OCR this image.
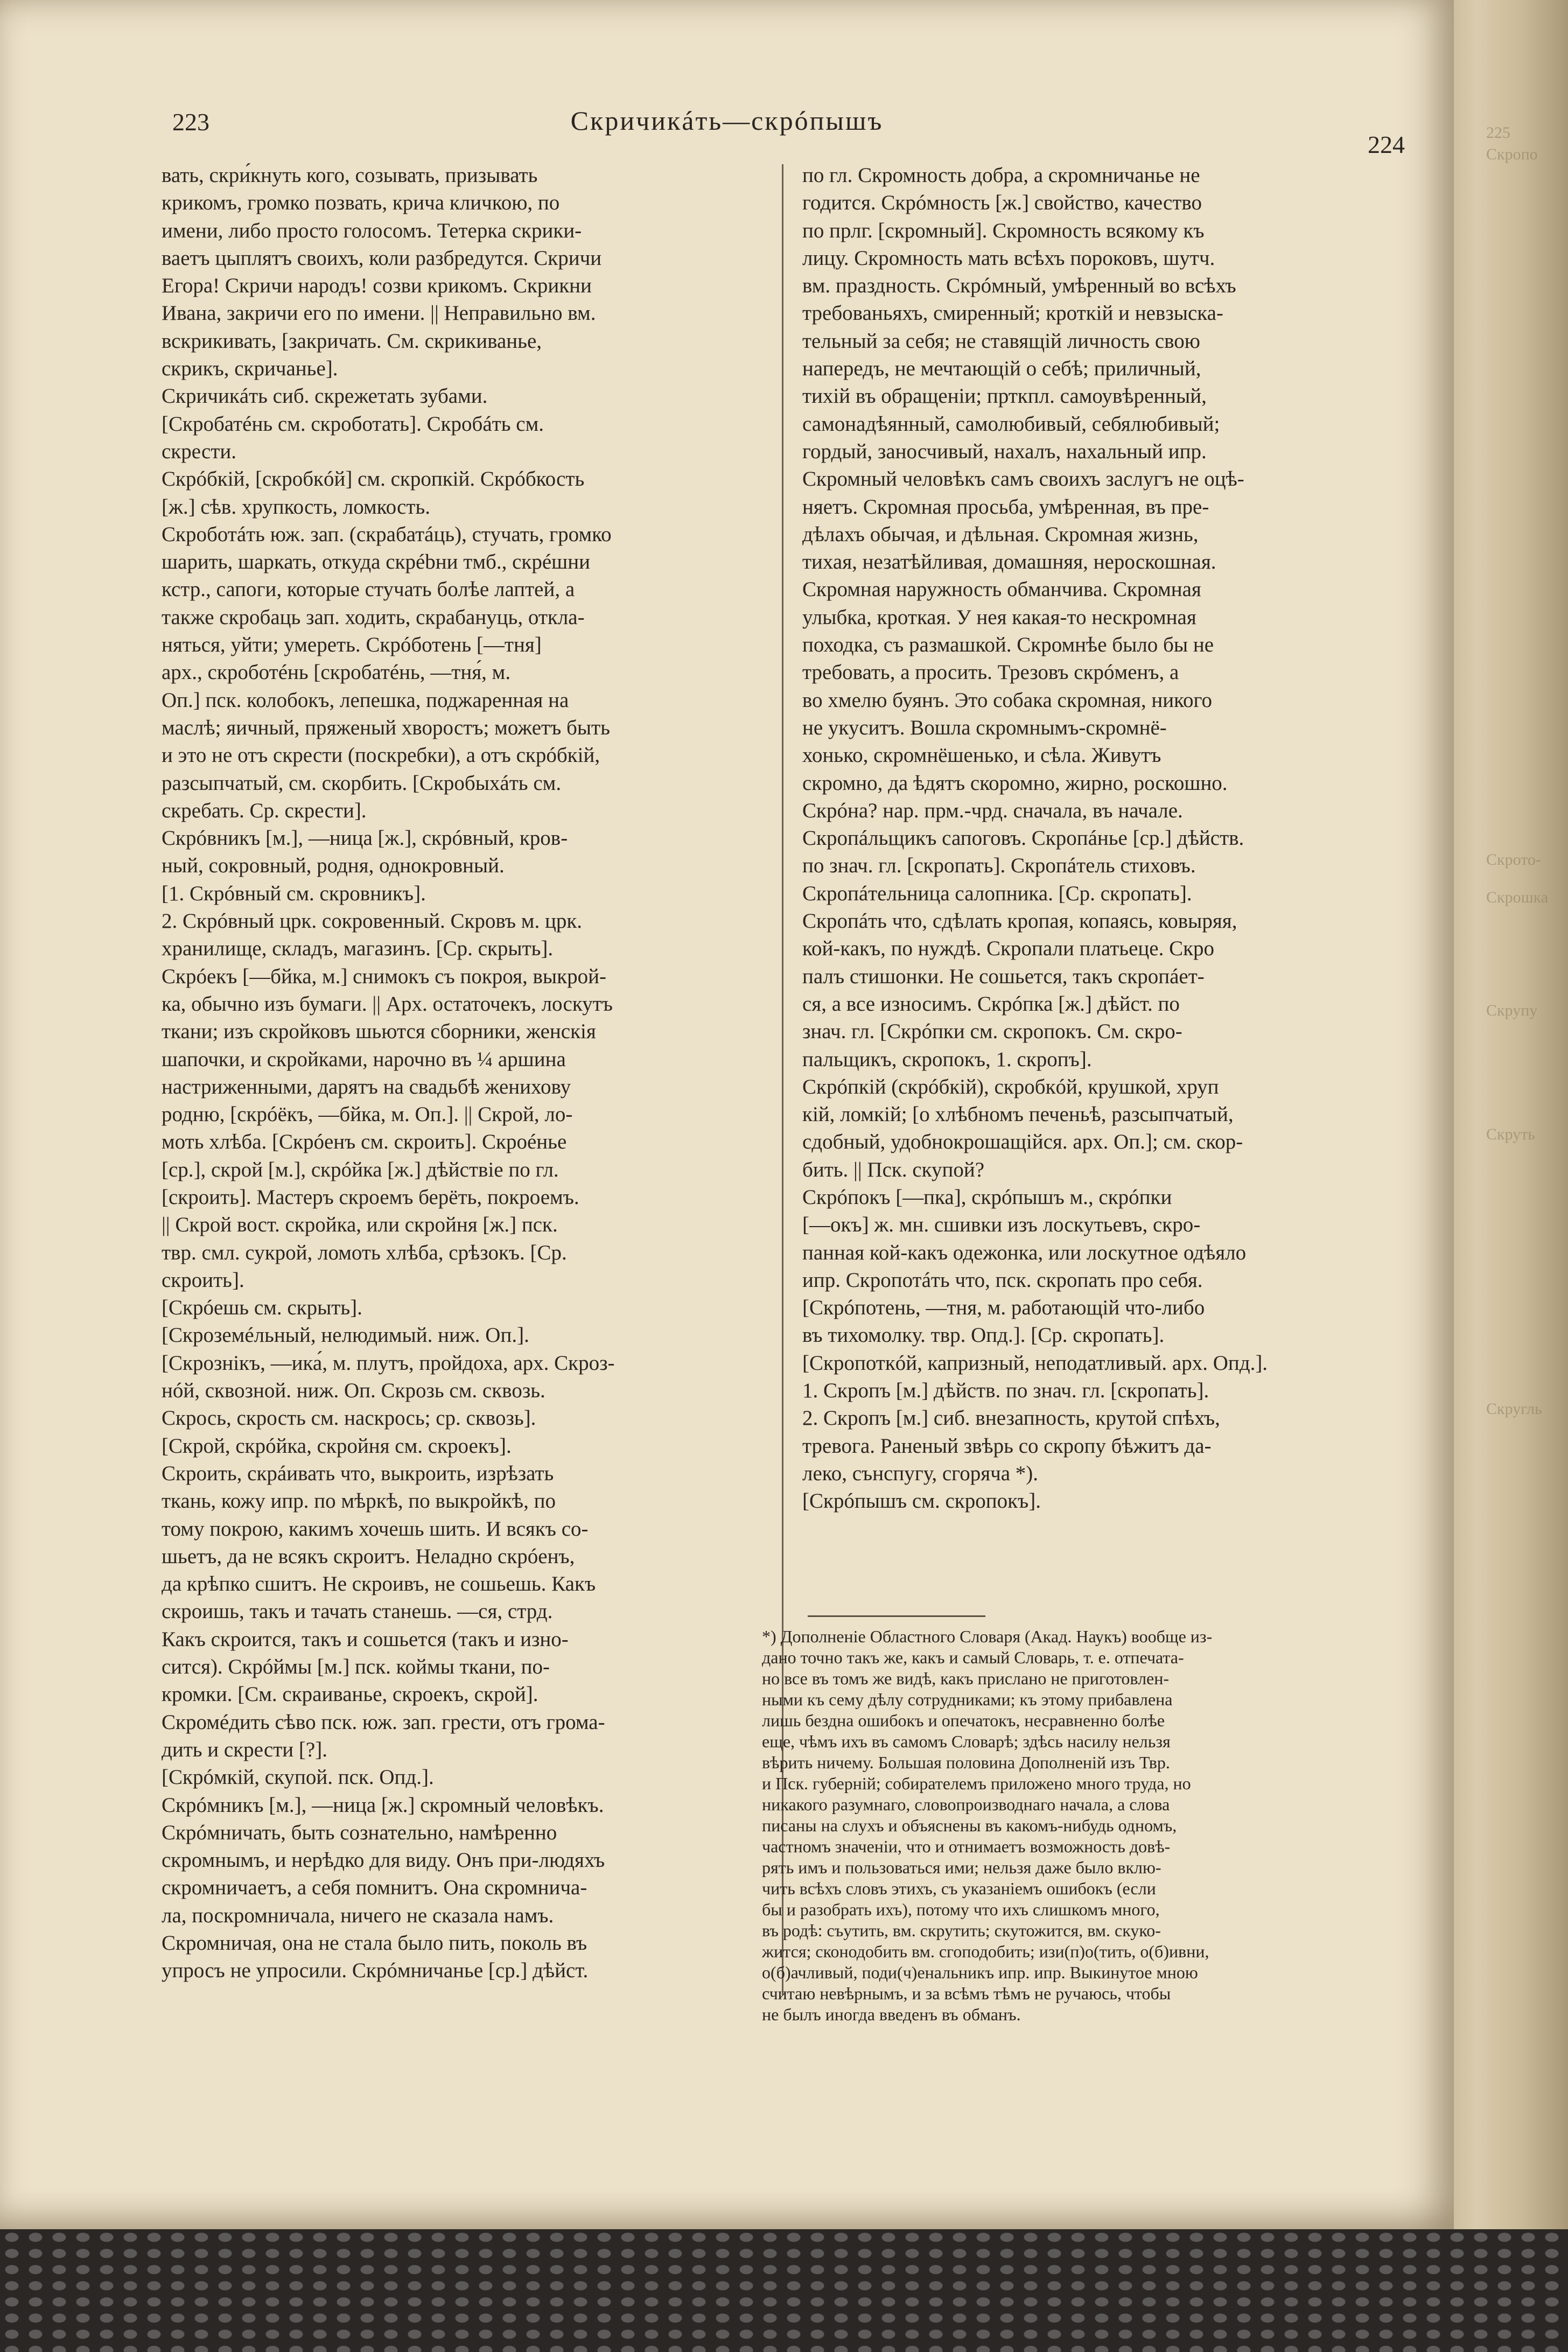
223	Скричикáть—скрóпышъ
224
вать, скри́кнуть кого, созывать, призывать
крикомъ, громко позвать, крича кличкою, по
имени, либо просто голосомъ. Тетерка скрики-
ваетъ цыплятъ своихъ, коли разбредутся. Скричи
Егора! Скричи народъ! созви крикомъ. Скрикни
Ивана, закричи его по имени. || Неправильно вм.
вскрикивать, [закричать. См. скрикиванье,
скрикъ, скричанье].
Скричикáть сиб. скрежетать зубами.
[Скробатéнь см. скроботать]. Скробáть см.
скрести.
Скрóбкій, [скробкóй] см. скропкій. Скрóбкость
[ж.] сѣв. хрупкость, ломкость.
Скроботáть юж. зап. (скрабатáць), стучать, громко
шарить, шаркать, откуда скрébни тмб., скрéшни
кстр., сапоги, которые стучать болѣе лаптей, а
также скробаць зап. ходить, скрабануць, откла-
няться, уйти; умереть. Скрóботень [—тня]
арх., скроботéнь [скробатéнь, —тня́, м.
Оп.] пск. колобокъ, лепешка, поджаренная на
маслѣ; яичный, пряженый хворостъ; можетъ быть
и это не отъ скрести (поскребки), а отъ скрóбкій,
разсыпчатый, см. скорбить. [Скробыхáть см.
скребать. Ср. скрести].
Скрóвникъ [м.], —ница [ж.], скрóвный, кров-
ный, сокровный, родня, однокровный.
[1. Скрóвный см. скровникъ].
2. Скрóвный црк. сокровенный. Скровъ м. црк.
хранилище, складъ, магазинъ. [Ср. скрыть].
Скрóекъ [—бйка, м.] снимокъ съ покроя, выкрой-
ка, обычно изъ бумаги. || Арх. остаточекъ, лоскутъ
ткани; изъ скройковъ шьются сборники, женскія
шапочки, и скройками, нарочно въ ¼ аршина
настриженными, дарятъ на свадьбѣ женихову
родню, [скрóёкъ, —бйка, м. Оп.]. || Скрой, ло-
моть хлѣба. [Скрóенъ см. скроить]. Скроéнье
[ср.], скрой [м.], скрóйка [ж.] дѣйствіе по гл.
[скроить]. Мастеръ скроемъ берёть, покроемъ.
|| Скрой вост. скройка, или скройня [ж.] пск.
твр. смл. сукрой, ломоть хлѣба, срѣзокъ. [Ср.
скроить].
[Скрóешь см. скрыть].
[Скроземéльный, нелюдимый. ниж. Оп.].
[Скрознікъ, —ика́, м. плутъ, пройдоха, арх. Скроз-
нóй, сквозной. ниж. Оп. Скрозь см. сквозь.
Скрось, скрость см. наскрось; ср. сквозь].
[Скрой, скрóйка, скройня см. скроекъ].
Скроить, скрáивать что, выкроить, изрѣзать
ткань, кожу ипр. по мѣркѣ, по выкройкѣ, по
тому покрою, какимъ хочешь шить. И всякъ со-
шьетъ, да не всякъ скроитъ. Неладно скрóенъ,
да крѣпко сшитъ. Не скроивъ, не сошьешь. Какъ
скроишь, такъ и тачать станешь. —ся, стрд.
Какъ скроится, такъ и сошьется (такъ и изно-
сится). Скрóймы [м.] пск. коймы ткани, по-
кромки. [См. скраиванье, скроекъ, скрой].
Скромéдить сѣво пск. юж. зап. грести, отъ грома-
дить и скрести [?].
[Скрóмкій, скупой. пск. Опд.].
Скрóмникъ [м.], —ница [ж.] скромный человѣкъ.
Скрóмничать, быть сознательно, намѣренно
скромнымъ, и нерѣдко для виду. Онъ при-людяхъ
скромничаетъ, а себя помнитъ. Она скромнича-
ла, поскромничала, ничего не сказала намъ.
Скромничая, она не стала было пить, поколь въ
упросъ не упросили. Скрóмничанье [ср.] дѣйст.
по гл. Скромность добра, а скромничанье не
годится. Скрóмность [ж.] свойство, качество
по прлг. [скромный]. Скромность всякому къ
лицу. Скромность мать всѣхъ пороковъ, шутч.
вм. праздность. Скрóмный, умѣренный во всѣхъ
требованьяхъ, смиренный; кроткій и невзыска-
тельный за себя; не ставящій личность свою
напередъ, не мечтающій о себѣ; приличный,
тихій въ обращеніи; прткпл. самоувѣренный,
самонадѣянный, самолюбивый, себялюбивый;
гордый, заносчивый, нахалъ, нахальный ипр.
Скромный человѣкъ самъ своихъ заслугъ не оцѣ-
няетъ. Скромная просьба, умѣренная, въ пре-
дѣлахъ обычая, и дѣльная. Скромная жизнь,
тихая, незатѣйливая, домашняя, нероскошная.
Скромная наружность обманчива. Скромная
улыбка, кроткая. У нея какая-то нескромная
походка, съ размашкой. Скромнѣе было бы не
требовать, а просить. Трезовъ скрóменъ, а
во хмелю буянъ. Это собака скромная, никого
не укуситъ. Вошла скромнымъ-скромнё-
хонько, скромнёшенько, и сѣла. Живутъ
скромно, да ѣдятъ скоромно, жирно, роскошно.
Скрóна? нар. прм.-чрд. сначала, въ начале.
Скропáльщикъ сапоговъ. Скропáнье [ср.] дѣйств.
по знач. гл. [скропать]. Скропáтель стиховъ.
Скропáтельница салопника. [Ср. скропать].
Скропáть что, сдѣлать кропая, копаясь, ковыряя,
кой-какъ, по нуждѣ. Скропали платьеце. Скро
палъ стишонки. Не сошьется, такъ скропáет-
ся, а все износимъ. Скрóпка [ж.] дѣйст. по
знач. гл. [Скрóпки см. скропокъ. См. скро-
пальщикъ, скропокъ, 1. скропъ].
Скрóпкій (скрóбкій), скробкóй, крушкой, хруп
кій, ломкій; [о хлѣбномъ печеньѣ, разсыпчатый,
сдобный, удобнокрошащійся. арх. Оп.]; см. скор-
бить. || Пск. скупой?
Скрóпокъ [—пка], скрóпышъ м., скрóпки
[—окъ] ж. мн. сшивки изъ лоскутьевъ, скро-
панная кой-какъ одежонка, или лоскутное одѣяло
ипр. Скропотáть что, пск. скропать про себя.
[Скрóпотень, —тня, м. работающій что-либо
въ тихомолку. твр. Опд.]. [Ср. скропать].
[Скропоткóй, капризный, неподатливый. арх. Опд.].
1. Скропъ [м.] дѣйств. по знач. гл. [скропать].
2. Скропъ [м.] сиб. внезапность, крутой спѣхъ,
тревога. Раненый звѣрь со скропу бѣжитъ да-
леко, сънспугу, сгоряча *).
[Скрóпышъ см. скропокъ].
*) Дополненіе Областного Словаря (Акад. Наукъ) вообще из-
дано точно такъ же, какъ и самый Словарь, т. е. отпечата-
но все въ томъ же видѣ, какъ прислано не приготовлен-
ными къ сему дѣлу сотрудниками; къ этому прибавлена
лишь бездна ошибокъ и опечатокъ, несравненно болѣе
еще, чѣмъ ихъ въ самомъ Словарѣ; здѣсь насилу нельзя
вѣрить ничему. Большая половина Дополненій изъ Твр.
и Пск. губерній; собирателемъ приложено много труда, но
никакого разумнаго, словопроизводнаго начала, а слова
писаны на слухъ и объяснены въ какомъ-нибудь одномъ,
частномъ значеніи, что и отнимаетъ возможность довѣ-
рять имъ и пользоваться ими; нельзя даже было вклю-
чить всѣхъ словъ этихъ, съ указаніемъ ошибокъ (если
бы и разобрать ихъ), потому что ихъ слишкомъ много,
въ родѣ: съутить, вм. скрутить; скутожится, вм. скуко-
жится; сконодобить вм. сгоподобить; изи(п)о(тить, о(б)ивни,
о(б)ачливый, поди(ч)енальникъ ипр. ипр. Выкинутое мною
считаю невѣрнымъ, и за всѣмъ тѣмъ не ручаюсь, чтобы
не былъ иногда введенъ въ обманъ.
225
Скропо
Скрото-
Скрошка
Скрупу
Скруть
Скругль
